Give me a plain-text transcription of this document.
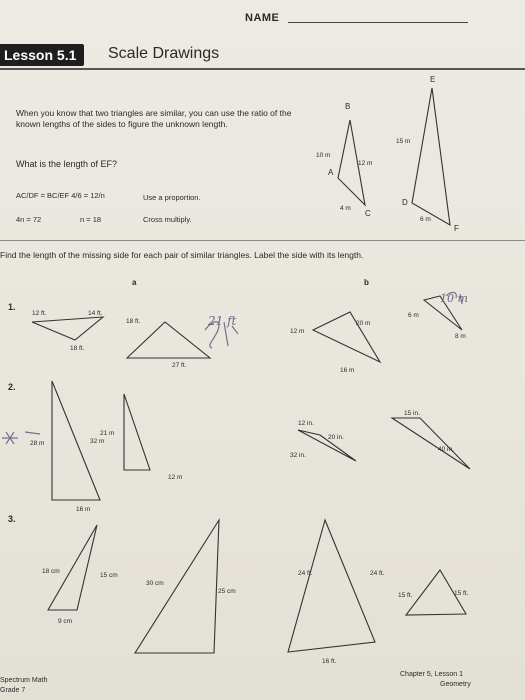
NAME
Lesson 5.1	Scale Drawings
When you know that two triangles are similar, you can use the ratio of the known lengths of the sides to figure the unknown length.
What is the length of EF?
AC/DF = BC/EF 4/6 = 12/n	Use a proportion.
4n = 72	n = 18	Cross multiply.
Find the length of the missing side for each pair of similar triangles. Label the side with its length.
a	b
B
A
C
D
E
F
10 m
12 m
4 m
15 m
6 m
1.
2.
3.
12 ft.	14 ft.
18 ft.
18 ft.
27 ft.
21 ft
12 m
20 m
16 m
6 m
8 m
10 m
28 m	32 m
16 m
21 m
12 m
12 in.
20 in.
32 in.
15 in.
40 in.
18 cm
15 cm
9 cm
30 cm
25 cm
24 ft.	24 ft.
16 ft.
15 ft.	15 ft.
Spectrum Math
Grade 7
Chapter 5, Lesson 1
Geometry
